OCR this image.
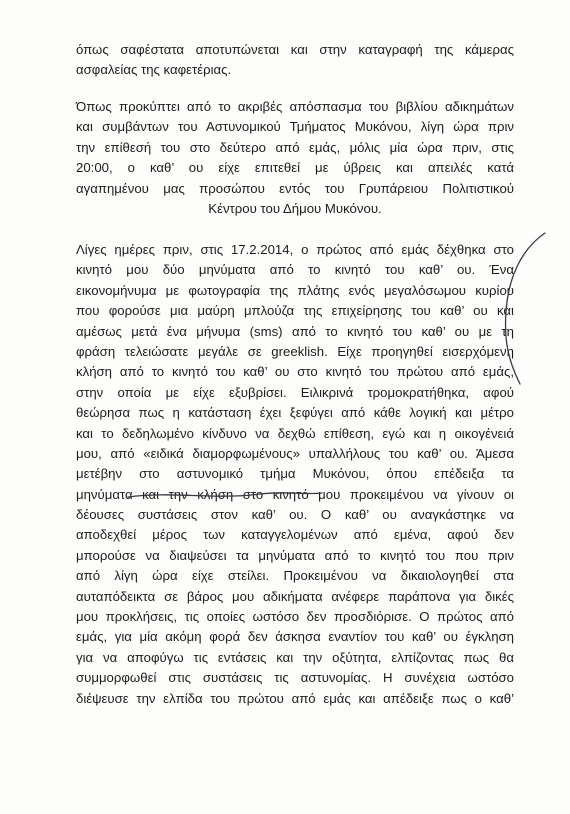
όπως σαφέστατα αποτυπώνεται και στην καταγραφή της κάμερας
ασφαλείας της καφετέριας.
Όπως προκύπτει από το ακριβές απόσπασμα του βιβλίου αδικημάτων
και συμβάντων του Αστυνομικού Τμήματος Μυκόνου, λίγη ώρα πριν
την επίθεσή του στο δεύτερο από εμάς, μόλις μία ώρα πριν, στις
20:00, ο καθ’ ου είχε επιτεθεί με ύβρεις και απειλές κατά
αγαπημένου μας προσώπου εντός του Γρυπάρειου Πολιτιστικού
Κέντρου του Δήμου Μυκόνου.
Λίγες ημέρες πριν, στις 17.2.2014, ο πρώτος από εμάς δέχθηκα στο
κινητό μου δύο μηνύματα από το κινητό του καθ’ ου. Ένα
εικονομήνυμα με φωτογραφία της πλάτης ενός μεγαλόσωμου κυρίου
που φορούσε μια μαύρη μπλούζα της επιχείρησης του καθ’ ου και
αμέσως μετά ένα μήνυμα (sms) από το κινητό του καθ’ ου με τη
φράση τελειώσατε μεγάλε σε greeklish. Είχε προηγηθεί εισερχόμενη
κλήση από το κινητό του καθ’ ου στο κινητό του πρώτου από εμάς,
στην οποία με είχε εξυβρίσει. Ειλικρινά τρομοκρατήθηκα, αφού
θεώρησα πως η κατάσταση έχει ξεφύγει από κάθε λογική και μέτρο
και το δεδηλωμένο κίνδυνο να δεχθώ επίθεση, εγώ και η οικογένειά
μου, από «ειδικά διαμορφωμένους» υπαλλήλους του καθ’ ου. Άμεσα
μετέβην στο αστυνομικό τμήμα Μυκόνου, όπου επέδειξα τα
μηνύματα και την κλήση στο κινητό μου προκειμένου να γίνουν οι
δέουσες συστάσεις στον καθ’ ου. Ο καθ’ ου αναγκάστηκε να
αποδεχθεί μέρος των καταγγελομένων από εμένα, αφού δεν
μπορούσε να διαψεύσει τα μηνύματα από το κινητό του που πριν
από λίγη ώρα είχε στείλει. Προκειμένου να δικαιολογηθεί στα
αυταπόδεικτα σε βάρος μου αδικήματα ανέφερε παράπονα για δικές
μου προκλήσεις, τις οποίες ωστόσο δεν προσδιόρισε. Ο πρώτος από
εμάς, για μία ακόμη φορά δεν άσκησα εναντίον του καθ’ ου έγκληση
για να αποφύγω τις εντάσεις και την οξύτητα, ελπίζοντας πως θα
συμμορφωθεί στις συστάσεις τις αστυνομίας. Η συνέχεια ωστόσο
διέψευσε την ελπίδα του πρώτου από εμάς και απέδειξε πως ο καθ’
